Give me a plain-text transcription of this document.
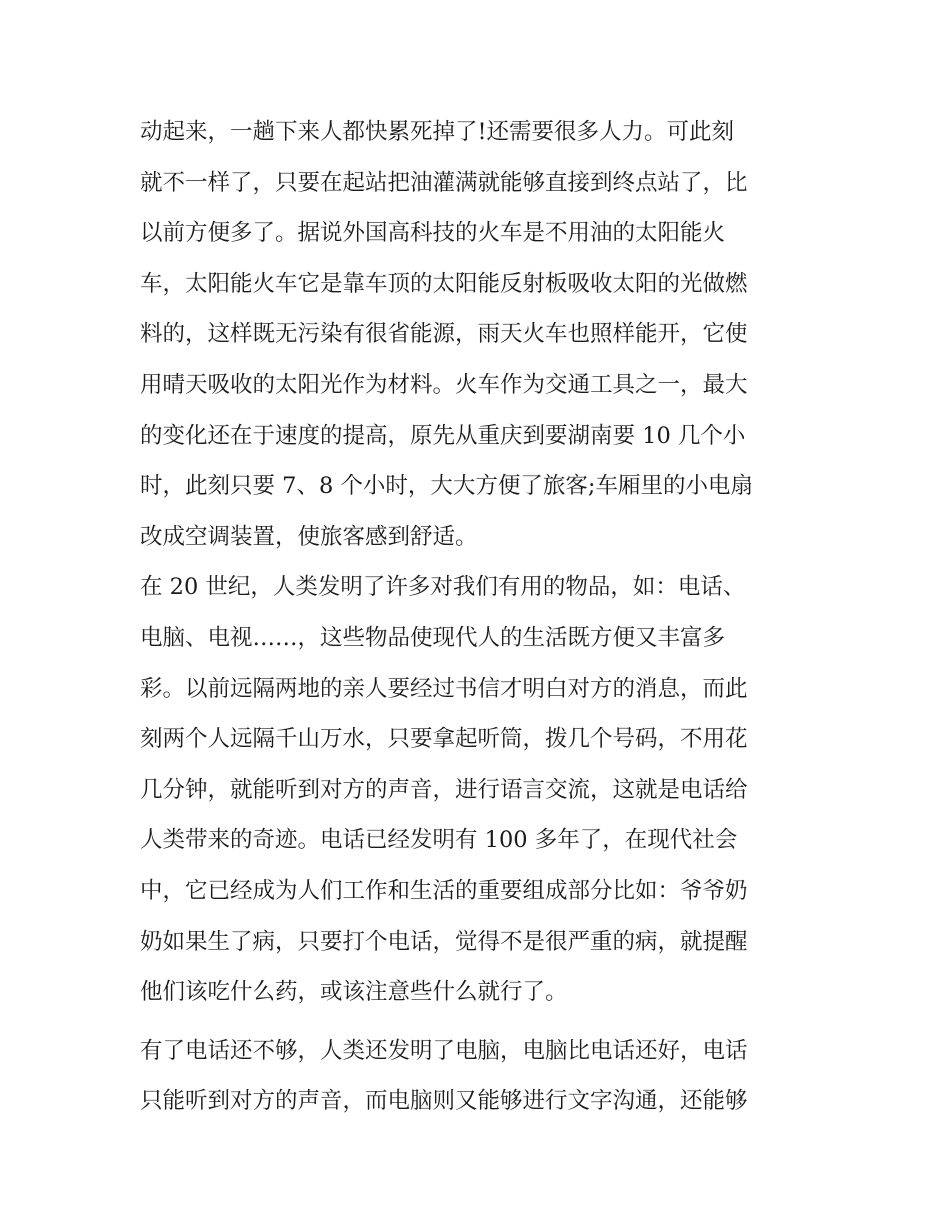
动起来，一趟下来人都快累死掉了!还需要很多人力。可此刻
就不一样了，只要在起站把油灌满就能够直接到终点站了，比
以前方便多了。据说外国高科技的火车是不用油的太阳能火
车，太阳能火车它是靠车顶的太阳能反射板吸收太阳的光做燃
料的，这样既无污染有很省能源，雨天火车也照样能开，它使
用晴天吸收的太阳光作为材料。火车作为交通工具之一，最大
的变化还在于速度的提高，原先从重庆到要湖南要 10 几个小
时，此刻只要 7、8 个小时，大大方便了旅客;车厢里的小电扇
改成空调装置，使旅客感到舒适。
在 20 世纪，人类发明了许多对我们有用的物品，如：电话、
电脑、电视……，这些物品使现代人的生活既方便又丰富多
彩。以前远隔两地的亲人要经过书信才明白对方的消息，而此
刻两个人远隔千山万水，只要拿起听筒，拨几个号码，不用花
几分钟，就能听到对方的声音，进行语言交流，这就是电话给
人类带来的奇迹。电话已经发明有 100 多年了，在现代社会
中，它已经成为人们工作和生活的重要组成部分比如：爷爷奶
奶如果生了病，只要打个电话，觉得不是很严重的病，就提醒
他们该吃什么药，或该注意些什么就行了。
有了电话还不够，人类还发明了电脑，电脑比电话还好，电话
只能听到对方的声音，而电脑则又能够进行文字沟通，还能够
